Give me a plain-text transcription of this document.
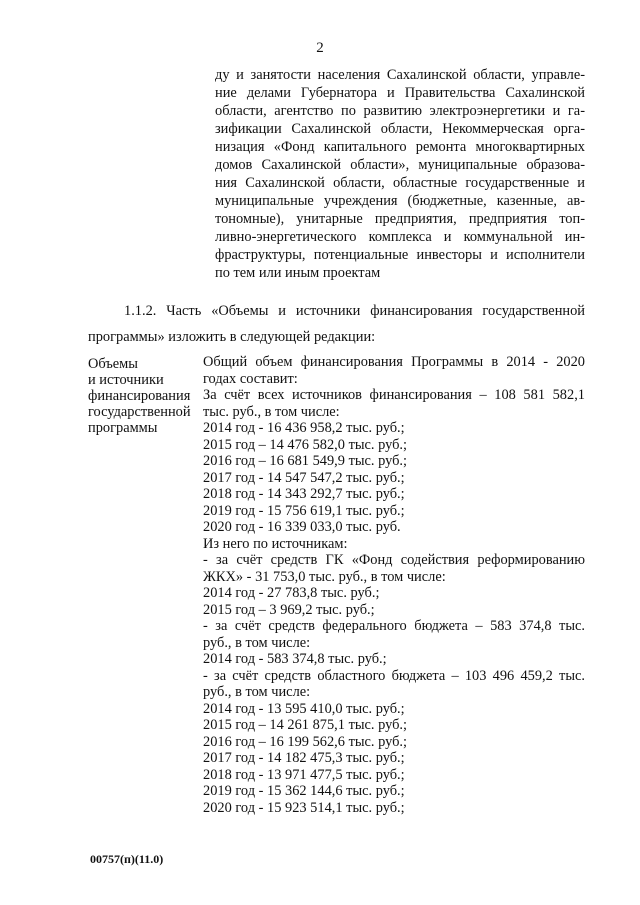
2
ду и занятости населения Сахалинской области, управле-
ние делами Губернатора и Правительства Сахалинской
области, агентство по развитию электроэнергетики и га-
зификации Сахалинской области, Некоммерческая орга-
низация «Фонд капитального ремонта многоквартирных
домов Сахалинской области», муниципальные образова-
ния Сахалинской области, областные государственные и
муниципальные учреждения (бюджетные, казенные, ав-
тономные), унитарные предприятия, предприятия топ-
ливно-энергетического комплекса и коммунальной ин-
фраструктуры, потенциальные инвесторы и исполнители
по тем или иным проектам
1.1.2. Часть «Объемы и источники финансирования государственной
программы» изложить в следующей редакции:
Объемы
и источники
финансирования
государственной
программы
Общий объем финансирования Программы в 2014 - 2020
годах составит:
За счёт всех источников финансирования – 108 581 582,1
тыс. руб., в том числе:
2014 год - 16 436 958,2 тыс. руб.;
2015 год – 14 476 582,0 тыс. руб.;
2016 год – 16 681 549,9 тыс. руб.;
2017 год - 14 547 547,2 тыс. руб.;
2018 год - 14 343 292,7 тыс. руб.;
2019 год - 15 756 619,1 тыс. руб.;
2020 год - 16 339 033,0 тыс. руб.
Из него по источникам:
- за счёт средств ГК «Фонд содействия реформированию
ЖКХ» - 31 753,0 тыс. руб., в том числе:
2014 год - 27 783,8 тыс. руб.;
2015 год – 3 969,2 тыс. руб.;
- за счёт средств федерального бюджета – 583 374,8 тыс.
руб., в том числе:
2014 год - 583 374,8 тыс. руб.;
- за счёт средств областного бюджета – 103 496 459,2 тыс.
руб., в том числе:
2014 год - 13 595 410,0 тыс. руб.;
2015 год – 14 261 875,1 тыс. руб.;
2016 год – 16 199 562,6 тыс. руб.;
2017 год - 14 182 475,3 тыс. руб.;
2018 год - 13 971 477,5 тыс. руб.;
2019 год - 15 362 144,6 тыс. руб.;
2020 год - 15 923 514,1 тыс. руб.;
00757(п)(11.0)
